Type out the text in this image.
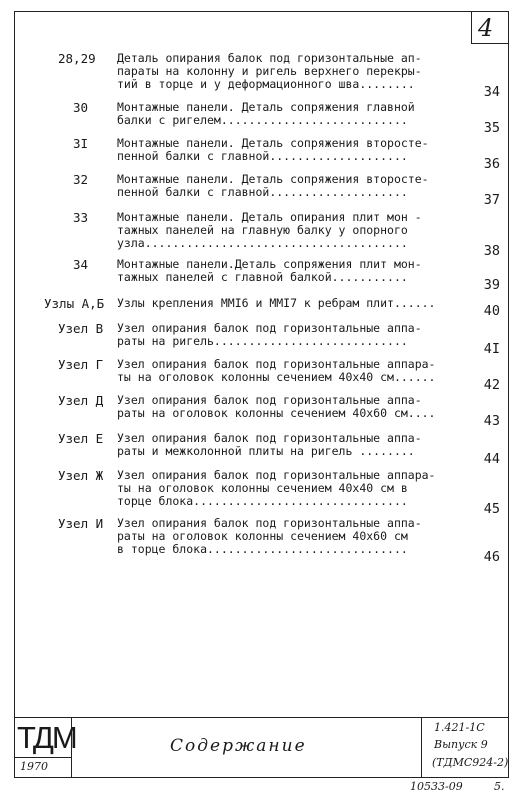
4
28,29 Деталь опирания балок под горизонтальные ап-
параты на колонну и ригель верхнего перекры-
тий в торце и у деформационного шва........	34
30	Монтажные панели. Деталь сопряжения главной
балки с ригелем...........................	35
3I	Монтажные панели. Деталь сопряжения второсте-
пенной балки с главной....................	36
32	Монтажные панели. Деталь сопряжения второсте-
пенной балки с главной....................	37
33	Монтажные панели. Деталь опирания плит мон -
тажных панелей на главную балку у опорного
узла......................................	38
34	Монтажные панели.Деталь сопряжения плит мон-
тажных панелей с главной балкой...........	39
Узлы А,Б Узлы крепления ММI6 и ММI7 к ребрам плит......	40
Узел В Узел опирания балок под горизонтальные аппа-
раты на ригель............................	4I
Узел Г Узел опирания балок под горизонтальные аппара-
ты на оголовок колонны сечением 40x40 см......	42
Узел Д Узел опирания балок под горизонтальные аппа-
раты на оголовок колонны сечением 40x60 см....	43
Узел Е Узел опирания балок под горизонтальные аппа-
раты и межколонной плиты на ригель ........	44
Узел Ж Узел опирания балок под горизонтальные аппара-
ты на оголовок колонны сечением 40x40 см в
торце блока...............................	45
Узел И Узел опирания балок под горизонтальные аппа-
раты на оголовок колонны сечением 40x60 см
в торце блока.............................	46
ТДМ
1970
Содержание
1.421-1С
Выпуск 9
(ТДМС924-2)
10533-09	5.
